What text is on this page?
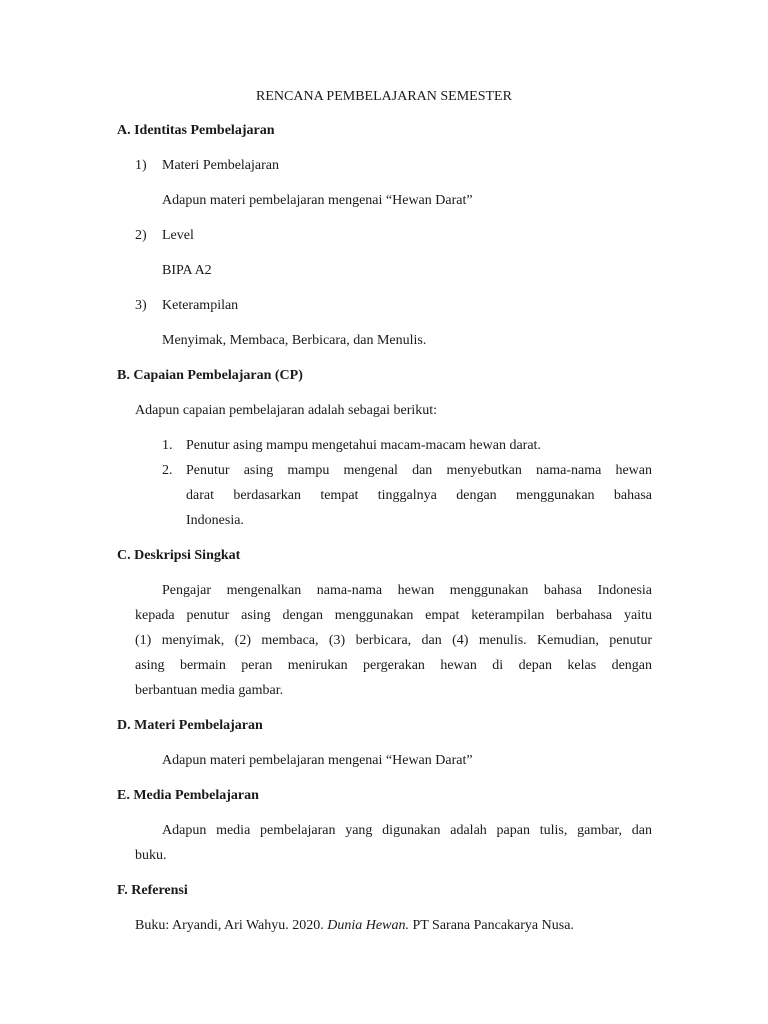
RENCANA PEMBELAJARAN SEMESTER
A. Identitas Pembelajaran
1) Materi Pembelajaran
Adapun materi pembelajaran mengenai “Hewan Darat”
2) Level
BIPA A2
3) Keterampilan
Menyimak, Membaca, Berbicara, dan Menulis.
B. Capaian Pembelajaran (CP)
Adapun capaian pembelajaran adalah sebagai berikut:
1. Penutur asing mampu mengetahui macam-macam hewan darat.
2. Penutur asing mampu mengenal dan menyebutkan nama-nama hewan
darat berdasarkan tempat tinggalnya dengan menggunakan bahasa
Indonesia.
C. Deskripsi Singkat
Pengajar mengenalkan nama-nama hewan menggunakan bahasa Indonesia
kepada penutur asing dengan menggunakan empat keterampilan berbahasa yaitu
(1) menyimak, (2) membaca, (3) berbicara, dan (4) menulis. Kemudian, penutur
asing bermain peran menirukan pergerakan hewan di depan kelas dengan
berbantuan media gambar.
D. Materi Pembelajaran
Adapun materi pembelajaran mengenai “Hewan Darat”
E. Media Pembelajaran
Adapun media pembelajaran yang digunakan adalah papan tulis, gambar, dan
buku.
F. Referensi
Buku: Aryandi, Ari Wahyu. 2020. Dunia Hewan. PT Sarana Pancakarya Nusa.
